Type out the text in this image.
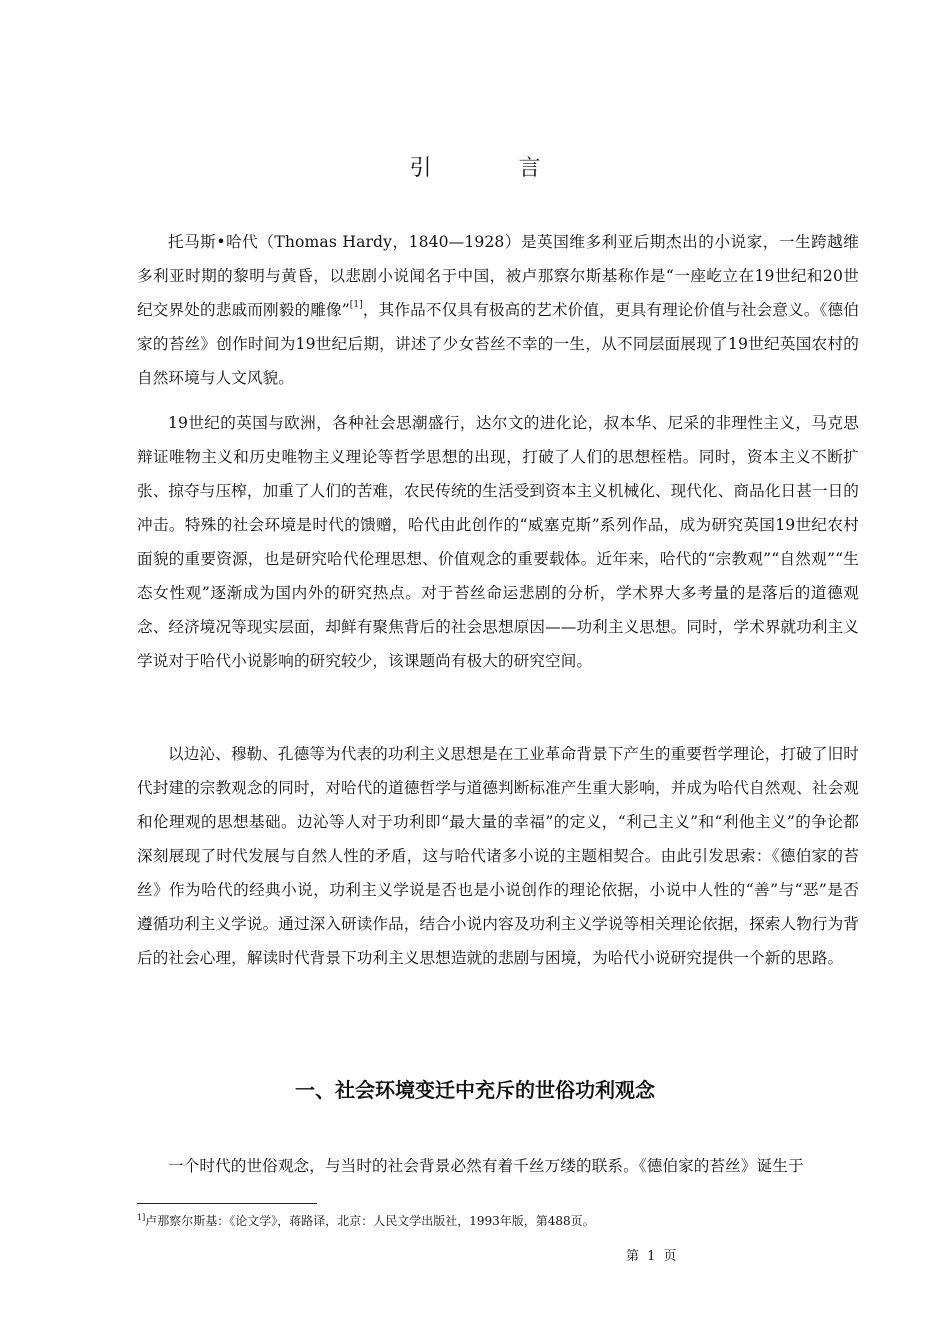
引 言
托马斯•哈代（Thomas Hardy，1840—1928）是英国维多利亚后期杰出的小说家，一生跨越维多利亚时期的黎明与黄昏，以悲剧小说闻名于中国，被卢那察尔斯基称作是“一座屹立在19世纪和20世纪交界处的悲戚而刚毅的雕像”[1]，其作品不仅具有极高的艺术价值，更具有理论价值与社会意义。《德伯家的苔丝》创作时间为19世纪后期，讲述了少女苔丝不幸的一生，从不同层面展现了19世纪英国农村的自然环境与人文风貌。
19世纪的英国与欧洲，各种社会思潮盛行，达尔文的进化论，叔本华、尼采的非理性主义，马克思辩证唯物主义和历史唯物主义理论等哲学思想的出现，打破了人们的思想桎梏。同时，资本主义不断扩张、掠夺与压榨，加重了人们的苦难，农民传统的生活受到资本主义机械化、现代化、商品化日甚一日的冲击。特殊的社会环境是时代的馈赠，哈代由此创作的“威塞克斯”系列作品，成为研究英国19世纪农村面貌的重要资源，也是研究哈代伦理思想、价值观念的重要载体。近年来，哈代的“宗教观”“自然观”“生态女性观”逐渐成为国内外的研究热点。对于苔丝命运悲剧的分析，学术界大多考量的是落后的道德观念、经济境况等现实层面，却鲜有聚焦背后的社会思想原因——功利主义思想。同时，学术界就功利主义学说对于哈代小说影响的研究较少，该课题尚有极大的研究空间。
以边沁、穆勒、孔德等为代表的功利主义思想是在工业革命背景下产生的重要哲学理论，打破了旧时代封建的宗教观念的同时，对哈代的道德哲学与道德判断标准产生重大影响，并成为哈代自然观、社会观和伦理观的思想基础。边沁等人对于功利即“最大量的幸福”的定义，“利己主义”和“利他主义”的争论都深刻展现了时代发展与自然人性的矛盾，这与哈代诸多小说的主题相契合。由此引发思索：《德伯家的苔丝》作为哈代的经典小说，功利主义学说是否也是小说创作的理论依据，小说中人性的“善”与“恶”是否遵循功利主义学说。通过深入研读作品，结合小说内容及功利主义学说等相关理论依据，探索人物行为背后的社会心理，解读时代背景下功利主义思想造就的悲剧与困境，为哈代小说研究提供一个新的思路。
一、社会环境变迁中充斥的世俗功利观念
一个时代的世俗观念，与当时的社会背景必然有着千丝万缕的联系。《德伯家的苔丝》诞生于
$^{1]}$卢那察尔斯基：《论文学》，蒋路译，北京：人民文学出版社，1993年版，第488页。
第 1 页
